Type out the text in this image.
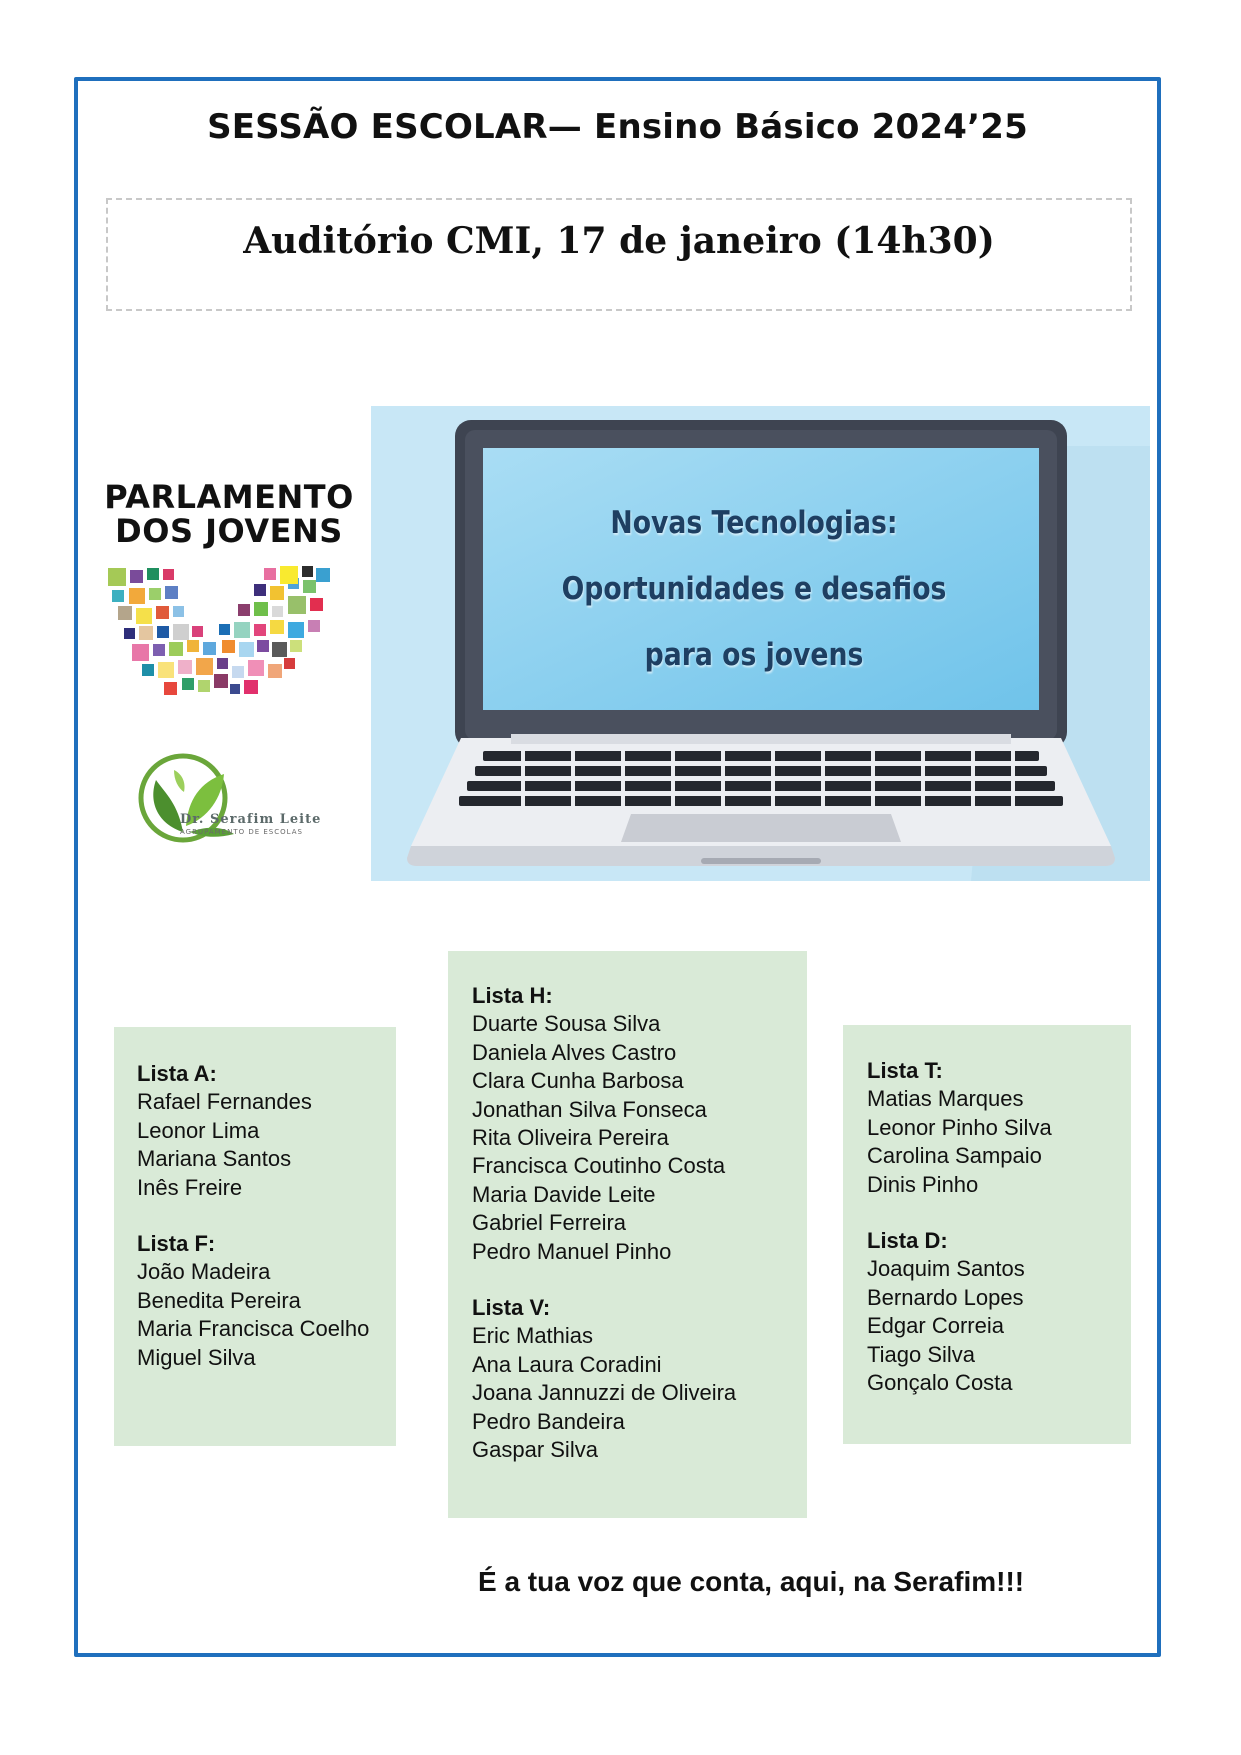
SESSÃO ESCOLAR— Ensino Básico 2024’25
Auditório CMI, 17 de janeiro (14h30)
PARLAMENTO
DOS JOVENS
Dr. Serafim Leite
AGRUPAMENTO DE ESCOLAS
Novas Tecnologias:
Oportunidades e desafios
para os jovens
Lista A:
Rafael Fernandes
Leonor Lima
Mariana Santos
Inês Freire
Lista F:
João Madeira
Benedita Pereira
Maria Francisca Coelho
Miguel Silva
Lista H:
Duarte Sousa Silva
Daniela Alves Castro
Clara Cunha Barbosa
Jonathan Silva Fonseca
Rita Oliveira Pereira
Francisca Coutinho Costa
Maria Davide Leite
Gabriel Ferreira
Pedro Manuel Pinho
Lista V:
Eric Mathias
Ana Laura Coradini
Joana Jannuzzi de Oliveira
Pedro Bandeira
Gaspar Silva
Lista T:
Matias Marques
Leonor Pinho Silva
Carolina Sampaio
Dinis Pinho
Lista D:
Joaquim Santos
Bernardo Lopes
Edgar Correia
Tiago Silva
Gonçalo Costa
É a tua voz que conta, aqui, na Serafim!!!
